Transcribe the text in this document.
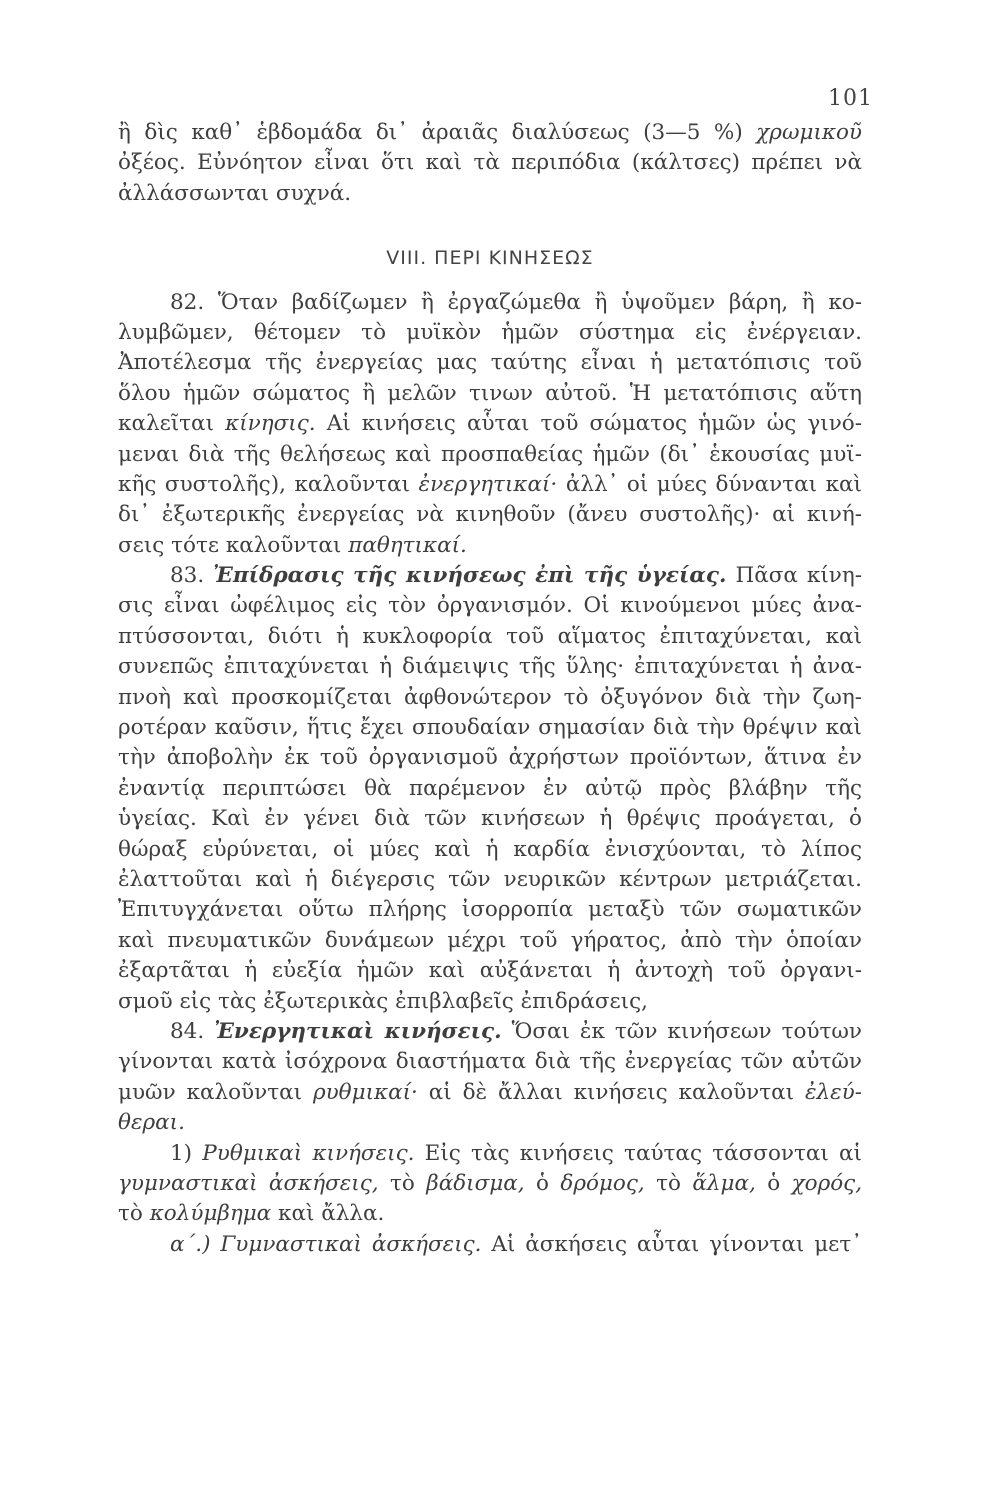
101
ἢ δὶς καθ᾽ ἑβδομάδα δι᾽ ἀραιᾶς διαλύσεως (3—5 %) χρωμικοῦ
ὀξέος. Εὐνόητον εἶναι ὅτι καὶ τὰ περιπόδια (κάλτσες) πρέπει νὰ
ἀλλάσσωνται συχνά.
VIII. ΠΕΡΙ ΚΙΝΗΣΕΩΣ
82. Ὅταν βαδίζωμεν ἢ ἐργαζώμεθα ἢ ὑψοῦμεν βάρη, ἢ κο-
λυμβῶμεν, θέτομεν τὸ μυϊκὸν ἡμῶν σύστημα εἰς ἐνέργειαν.
Ἀποτέλεσμα τῆς ἐνεργείας μας ταύτης εἶναι ἡ μετατόπισις τοῦ
ὅλου ἡμῶν σώματος ἢ μελῶν τινων αὐτοῦ. Ἡ μετατόπισις αὕτη
καλεῖται κίνησις. Αἱ κινήσεις αὗται τοῦ σώματος ἡμῶν ὡς γινό-
μεναι διὰ τῆς θελήσεως καὶ προσπαθείας ἡμῶν (δι᾽ ἑκουσίας μυϊ-
κῆς συστολῆς), καλοῦνται ἐνεργητικαί· ἀλλ᾽ οἱ μύες δύνανται καὶ
δι᾽ ἐξωτερικῆς ἐνεργείας νὰ κινηθοῦν (ἄνευ συστολῆς)· αἱ κινή-
σεις τότε καλοῦνται παθητικαί.
83. Ἐπίδρασις τῆς κινήσεως ἐπὶ τῆς ὑγείας. Πᾶσα κίνη-
σις εἶναι ὠφέλιμος εἰς τὸν ὀργανισμόν. Οἱ κινούμενοι μύες ἀνα-
πτύσσονται, διότι ἡ κυκλοφορία τοῦ αἵματος ἐπιταχύνεται, καὶ
συνεπῶς ἐπιταχύνεται ἡ διάμειψις τῆς ὕλης· ἐπιταχύνεται ἡ ἀνα-
πνοὴ καὶ προσκομίζεται ἀφθονώτερον τὸ ὀξυγόνον διὰ τὴν ζωη-
ροτέραν καῦσιν, ἥτις ἔχει σπουδαίαν σημασίαν διὰ τὴν θρέψιν καὶ
τὴν ἀποβολὴν ἐκ τοῦ ὀργανισμοῦ ἀχρήστων προϊόντων, ἅτινα ἐν
ἐναντίᾳ περιπτώσει θὰ παρέμενον ἐν αὐτῷ πρὸς βλάβην τῆς
ὑγείας. Καὶ ἐν γένει διὰ τῶν κινήσεων ἡ θρέψις προάγεται, ὁ
θώραξ εὐρύνεται, οἱ μύες καὶ ἡ καρδία ἐνισχύονται, τὸ λίπος
ἐλαττοῦται καὶ ἡ διέγερσις τῶν νευρικῶν κέντρων μετριάζεται.
Ἐπιτυγχάνεται οὕτω πλήρης ἰσορροπία μεταξὺ τῶν σωματικῶν
καὶ πνευματικῶν δυνάμεων μέχρι τοῦ γήρατος, ἀπὸ τὴν ὁποίαν
ἐξαρτᾶται ἡ εὐεξία ἡμῶν καὶ αὐξάνεται ἡ ἀντοχὴ τοῦ ὀργανι-
σμοῦ εἰς τὰς ἐξωτερικὰς ἐπιβλαβεῖς ἐπιδράσεις,
84. Ἐνεργητικαὶ κινήσεις. Ὅσαι ἐκ τῶν κινήσεων τούτων
γίνονται κατὰ ἰσόχρονα διαστήματα διὰ τῆς ἐνεργείας τῶν αὐτῶν
μυῶν καλοῦνται ρυθμικαί· αἱ δὲ ἄλλαι κινήσεις καλοῦνται ἐλεύ-
θεραι.
1) Ρυθμικαὶ κινήσεις. Εἰς τὰς κινήσεις ταύτας τάσσονται αἱ
γυμναστικαὶ ἀσκήσεις, τὸ βάδισμα, ὁ δρόμος, τὸ ἅλμα, ὁ χορός,
τὸ κολύμβημα καὶ ἄλλα.
α΄.) Γυμναστικαὶ ἀσκήσεις. Αἱ ἀσκήσεις αὗται γίνονται μετ᾽
